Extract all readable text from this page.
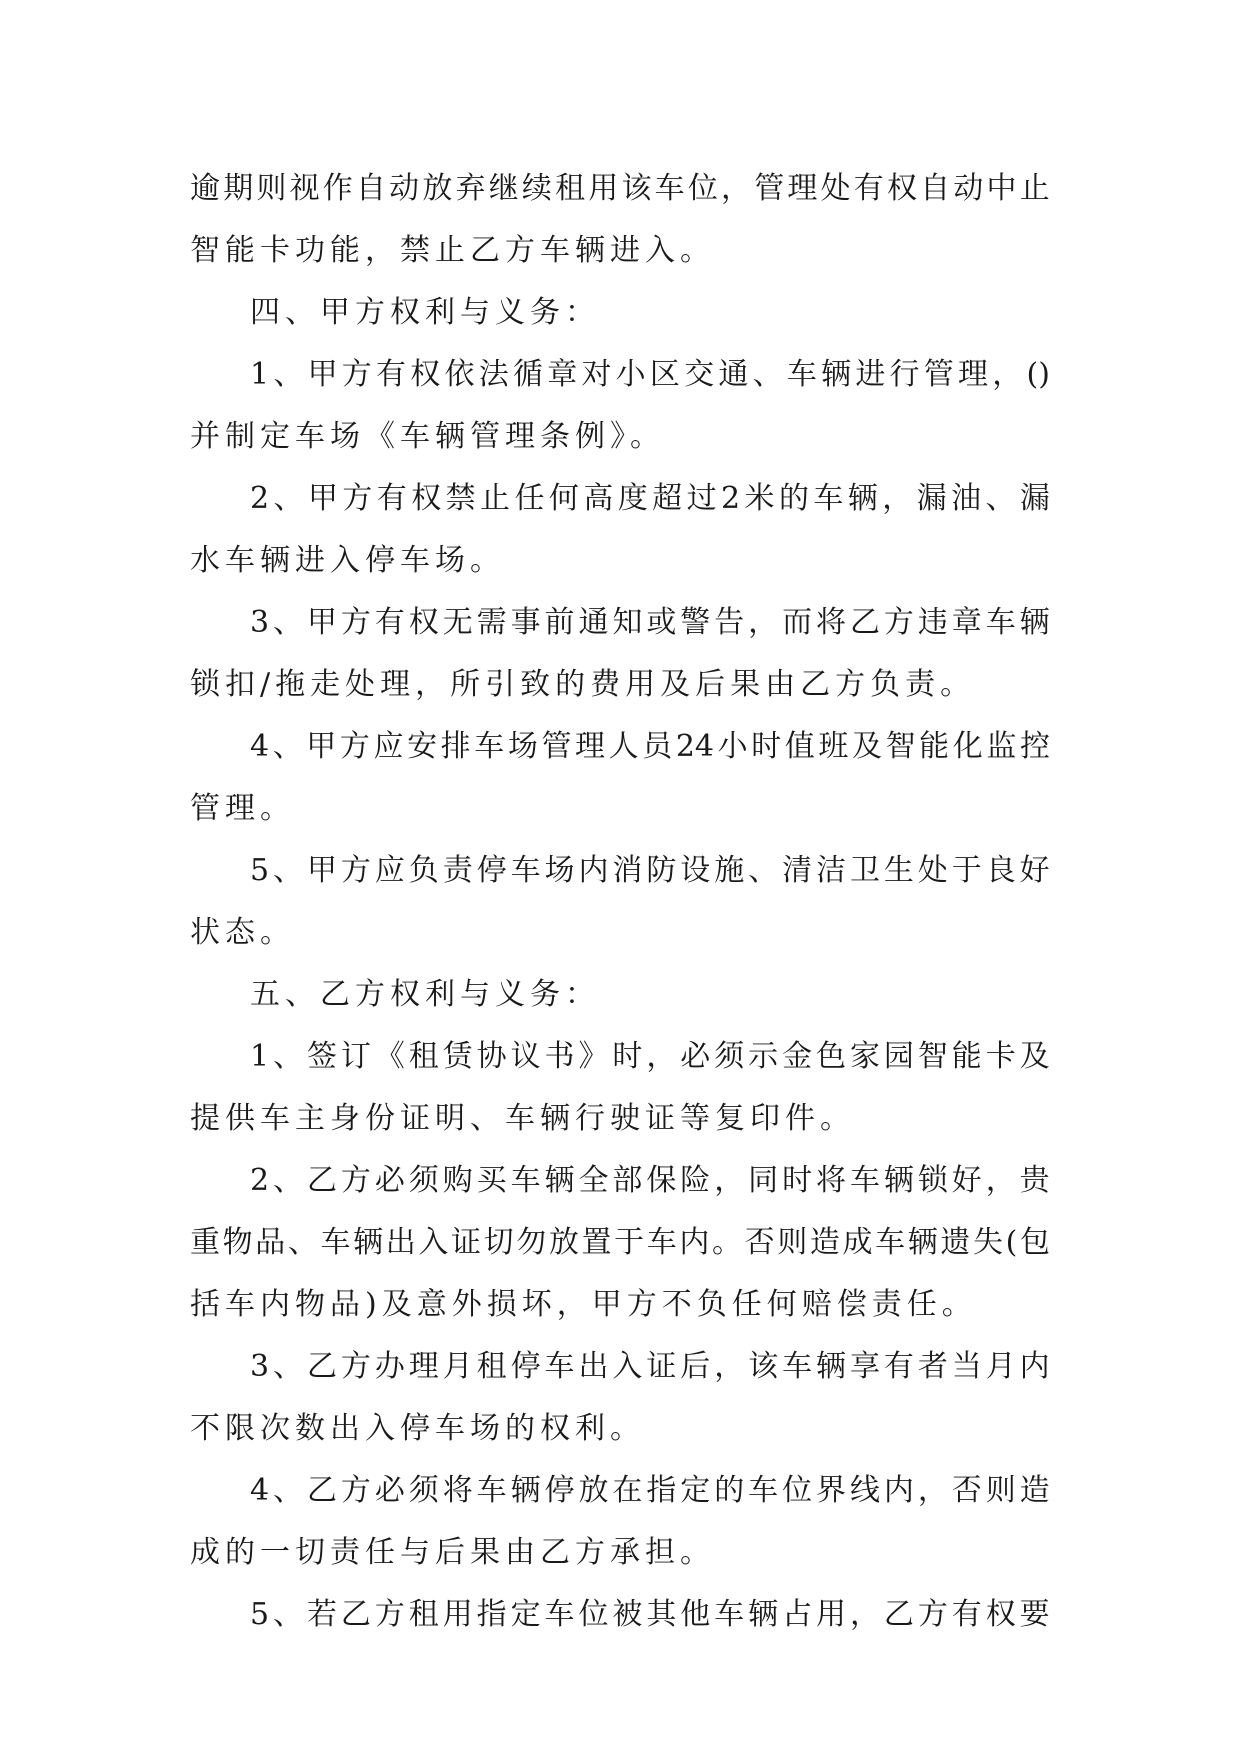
逾 期 则 视 作 自 动 放 弃 继 续 租 用 该 车 位 ， 管 理 处 有 权 自 动 中 止
智能卡功能，禁止乙方车辆进入。
四、甲方权利与义务：
1 、 甲 方 有 权 依 法 循 章 对 小 区 交 通 、 车 辆 进 行 管 理 ， ()
并制定车场《车辆管理条例》。
2 、 甲 方 有 权 禁 止 任 何 高 度 超 过 2 米 的 车 辆 ， 漏 油 、 漏
水车辆进入停车场。
3 、 甲 方 有 权 无 需 事 前 通 知 或 警 告 ， 而 将 乙 方 违 章 车 辆
锁扣/拖走处理，所引致的费用及后果由乙方负责。
4 、 甲 方 应 安 排 车 场 管 理 人 员 24 小 时 值 班 及 智 能 化 监 控
管理。
5 、 甲 方 应 负 责 停 车 场 内 消 防 设 施 、 清 洁 卫 生 处 于 良 好
状态。
五、乙方权利与义务：
1 、 签 订 《 租 赁 协 议 书 》 时 ， 必 须 示 金 色 家 园 智 能 卡 及
提供车主身份证明、车辆行驶证等复印件。
2 、 乙 方 必 须 购 买 车 辆 全 部 保 险 ， 同 时 将 车 辆 锁 好 ， 贵
重 物 品 、 车 辆 出 入 证 切 勿 放 置 于 车 内 。 否 则 造 成 车 辆 遗 失 ( 包
括车内物品)及意外损坏，甲方不负任何赔偿责任。
3 、 乙 方 办 理 月 租 停 车 出 入 证 后 ， 该 车 辆 享 有 者 当 月 内
不限次数出入停车场的权利。
4 、 乙 方 必 须 将 车 辆 停 放 在 指 定 的 车 位 界 线 内 ， 否 则 造
成的一切责任与后果由乙方承担。
5 、 若 乙 方 租 用 指 定 车 位 被 其 他 车 辆 占 用 ， 乙 方 有 权 要
